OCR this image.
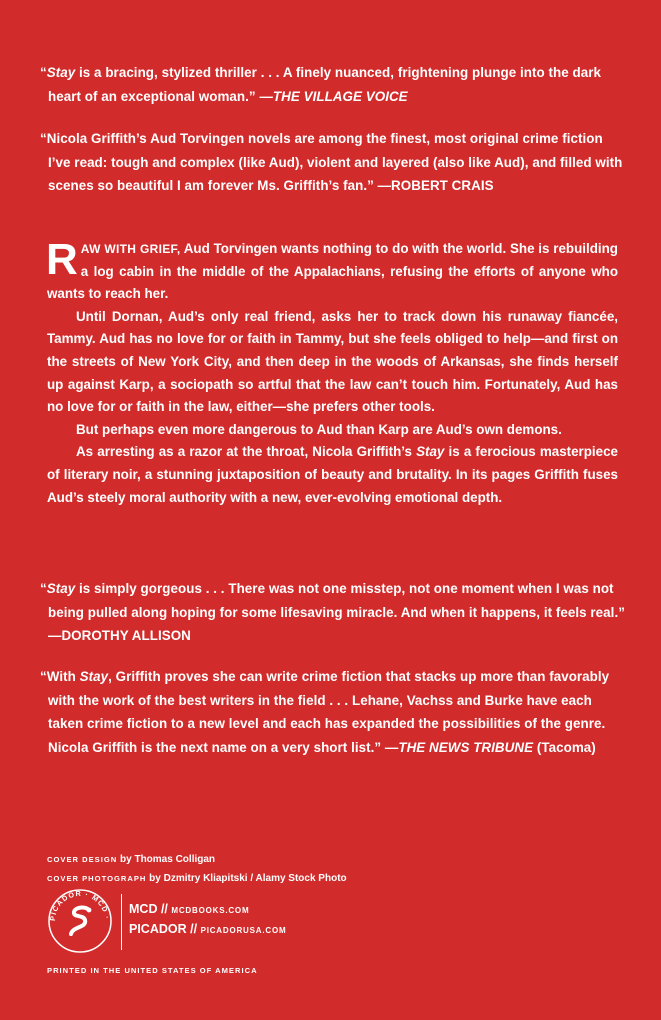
“Stay is a bracing, stylized thriller . . . A finely nuanced, frightening plunge into the dark heart of an exceptional woman.” —THE VILLAGE VOICE
“Nicola Griffith’s Aud Torvingen novels are among the finest, most original crime fiction I’ve read: tough and complex (like Aud), violent and layered (also like Aud), and filled with scenes so beautiful I am forever Ms. Griffith’s fan.” —ROBERT CRAIS

RAW WITH GRIEF, Aud Torvingen wants nothing to do with the world. She is rebuilding a log cabin in the middle of the Appalachians, refusing the efforts of anyone who wants to reach her.

Until Dornan, Aud’s only real friend, asks her to track down his runaway fiancée, Tammy. Aud has no love for or faith in Tammy, but she feels obliged to help—and first on the streets of New York City, and then deep in the woods of Arkansas, she finds herself up against Karp, a sociopath so artful that the law can’t touch him. Fortunately, Aud has no love for or faith in the law, either—she prefers other tools.

But perhaps even more dangerous to Aud than Karp are Aud’s own demons.

As arresting as a razor at the throat, Nicola Griffith’s Stay is a ferocious masterpiece of literary noir, a stunning juxtaposition of beauty and brutality. In its pages Griffith fuses Aud’s steely moral authority with a new, ever-evolving emotional depth.

“Stay is simply gorgeous . . . There was not one misstep, not one moment when I was not being pulled along hoping for some lifesaving miracle. And when it happens, it feels real.”
—DOROTHY ALLISON
“With Stay, Griffith proves she can write crime fiction that stacks up more than favorably with the work of the best writers in the field . . . Lehane, Vachss and Burke have each taken crime fiction to a new level and each has expanded the possibilities of the genre. Nicola Griffith is the next name on a very short list.” —THE NEWS TRIBUNE (Tacoma)
COVER DESIGN by Thomas Colligan
COVER PHOTOGRAPH by Dzmitry Kliapitski / Alamy Stock Photo
PICADOR · MCD ·
MCD // MCDBOOKS.COM
PICADOR // PICADORUSA.COM
PRINTED IN THE UNITED STATES OF AMERICA
